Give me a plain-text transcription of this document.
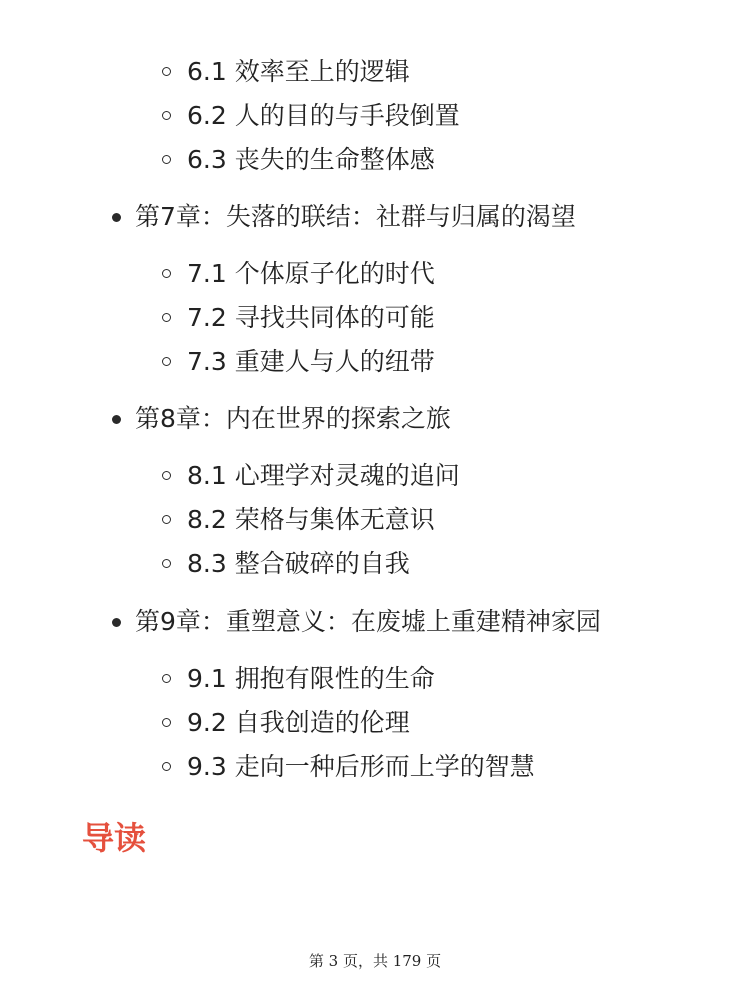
6.1 效率至上的逻辑
6.2 人的目的与手段倒置
6.3 丧失的生命整体感
第7章：失落的联结：社群与归属的渴望
7.1 个体原子化的时代
7.2 寻找共同体的可能
7.3 重建人与人的纽带
第8章：内在世界的探索之旅
8.1 心理学对灵魂的追问
8.2 荣格与集体无意识
8.3 整合破碎的自我
第9章：重塑意义：在废墟上重建精神家园
9.1 拥抱有限性的生命
9.2 自我创造的伦理
9.3 走向一种后形而上学的智慧
导读
第 3 页，共 179 页
